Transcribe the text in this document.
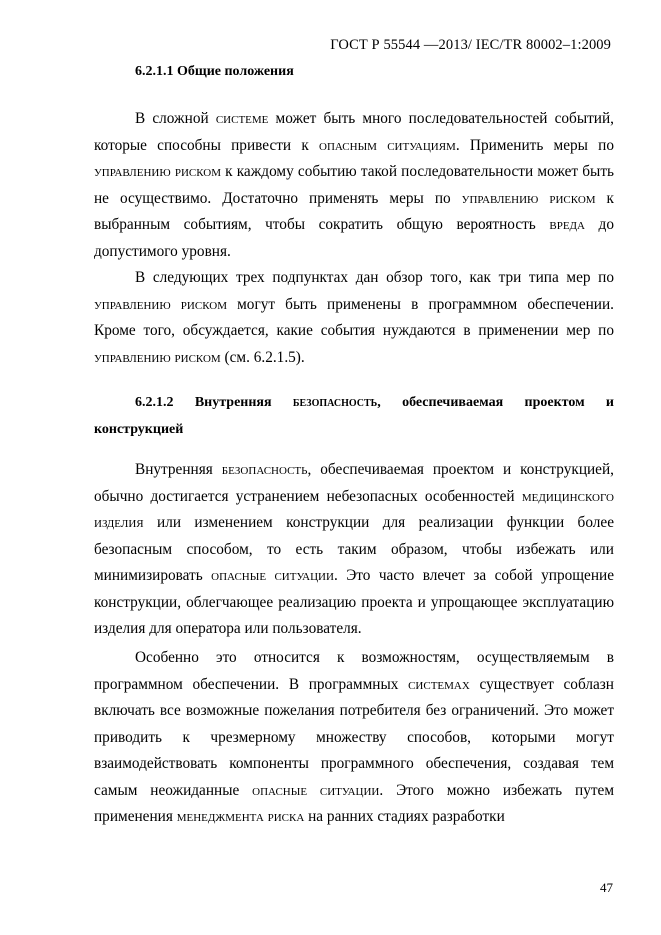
ГОСТ Р 55544 —2013/ IEC/TR 80002–1:2009
6.2.1.1 Общие положения

В сложной системе может быть много последовательностей событий, которые способны привести к опасным ситуациям. Применить меры по управлению риском к каждому событию такой последовательности может быть не осуществимо. Достаточно применять меры по управлению риском к выбранным событиям, чтобы сократить общую вероятность вреда до допустимого уровня.

В следующих трех подпунктах дан обзор того, как три типа мер по управлению риском могут быть применены в программном обеспечении. Кроме того, обсуждается, какие события нуждаются в применении мер по управлению риском (см. 6.2.1.5).

6.2.1.2 Внутренняя безопасность, обеспечиваемая проектом и конструкцией

Внутренняя безопасность, обеспечиваемая проектом и конструкцией, обычно достигается устранением небезопасных особенностей медицинского изделия или изменением конструкции для реализации функции более безопасным способом, то есть таким образом, чтобы избежать или минимизировать опасные ситуации. Это часто влечет за собой упрощение конструкции, облегчающее реализацию проекта и упрощающее эксплуатацию изделия для оператора или пользователя.

Особенно это относится к возможностям, осуществляемым в программном обеспечении. В программных системах существует соблазн включать все возможные пожелания потребителя без ограничений. Это может приводить к чрезмерному множеству способов, которыми могут взаимодействовать компоненты программного обеспечения, создавая тем самым неожиданные опасные ситуации. Этого можно избежать путем применения менеджмента риска на ранних стадиях разработки

47
